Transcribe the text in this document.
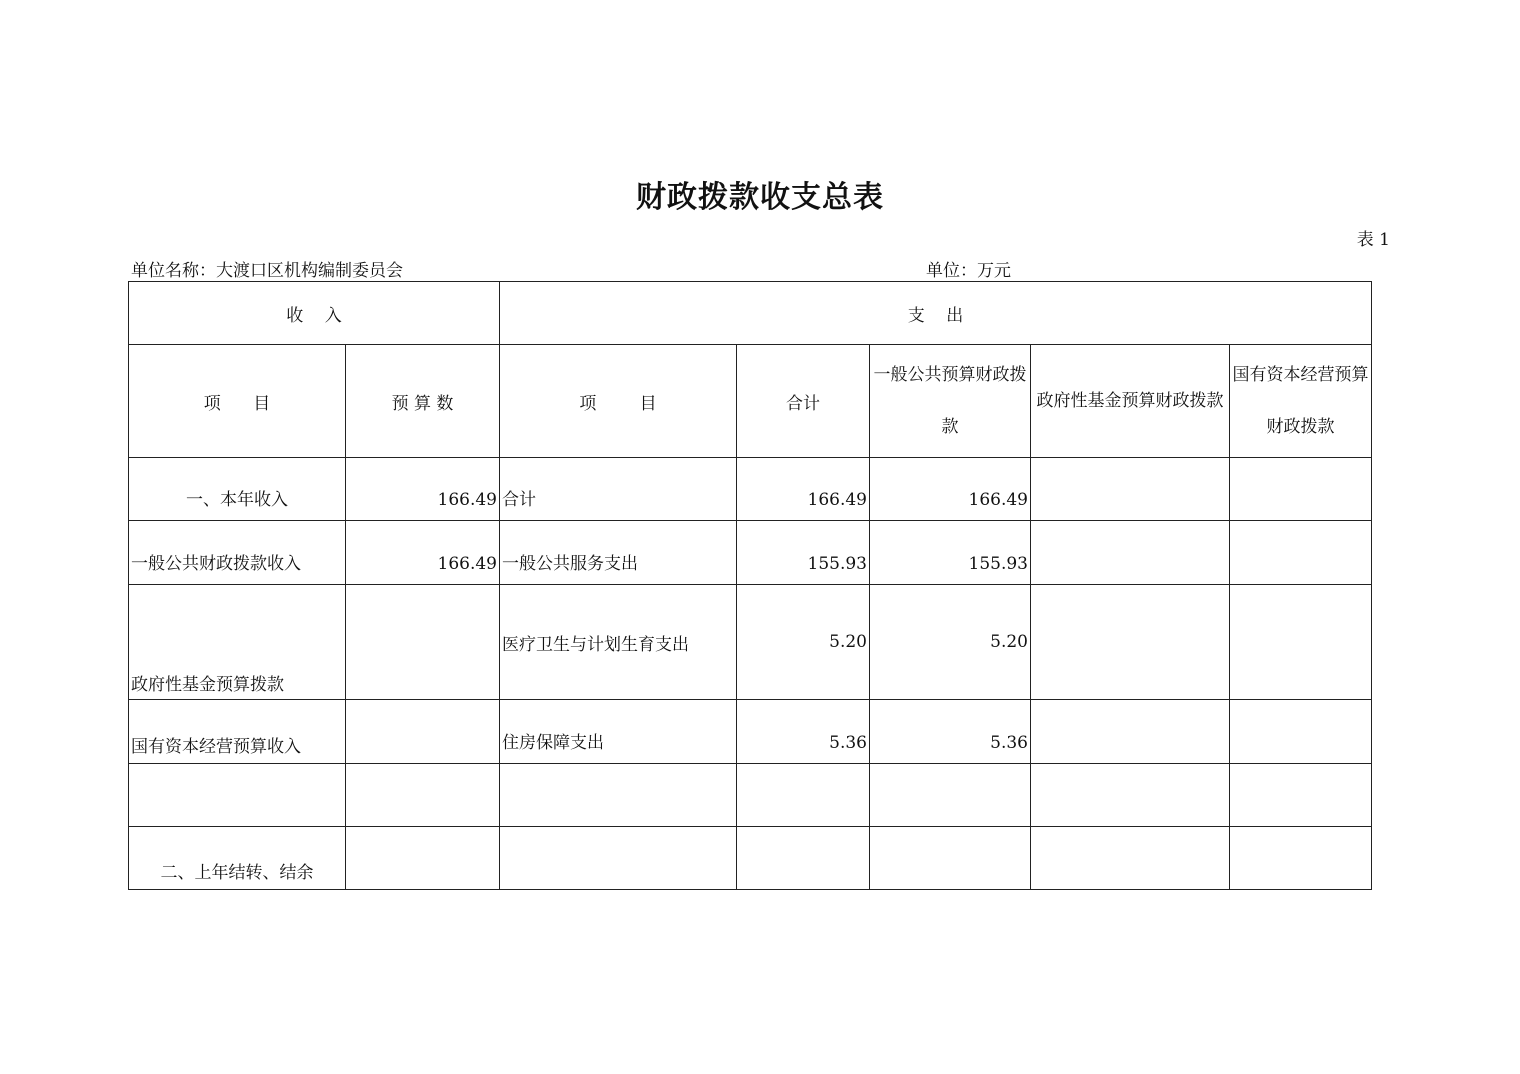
财政拨款收支总表
表 1
单位名称：大渡口区机构编制委员会	单位：万元
收    入		支    出				
项      目	预 算 数	项        目	合计	一般公共预算财政拨款	政府性基金预算财政拨款	国有资本经营预算财政拨款
一、本年收入	166.49	合计	166.49	166.49		
一般公共财政拨款收入	166.49	一般公共服务支出	155.93	155.93		
政府性基金预算拨款		医疗卫生与计划生育支出	5.20	5.20		
国有资本经营预算收入		住房保障支出	5.36	5.36		

二、上年结转、结余						
